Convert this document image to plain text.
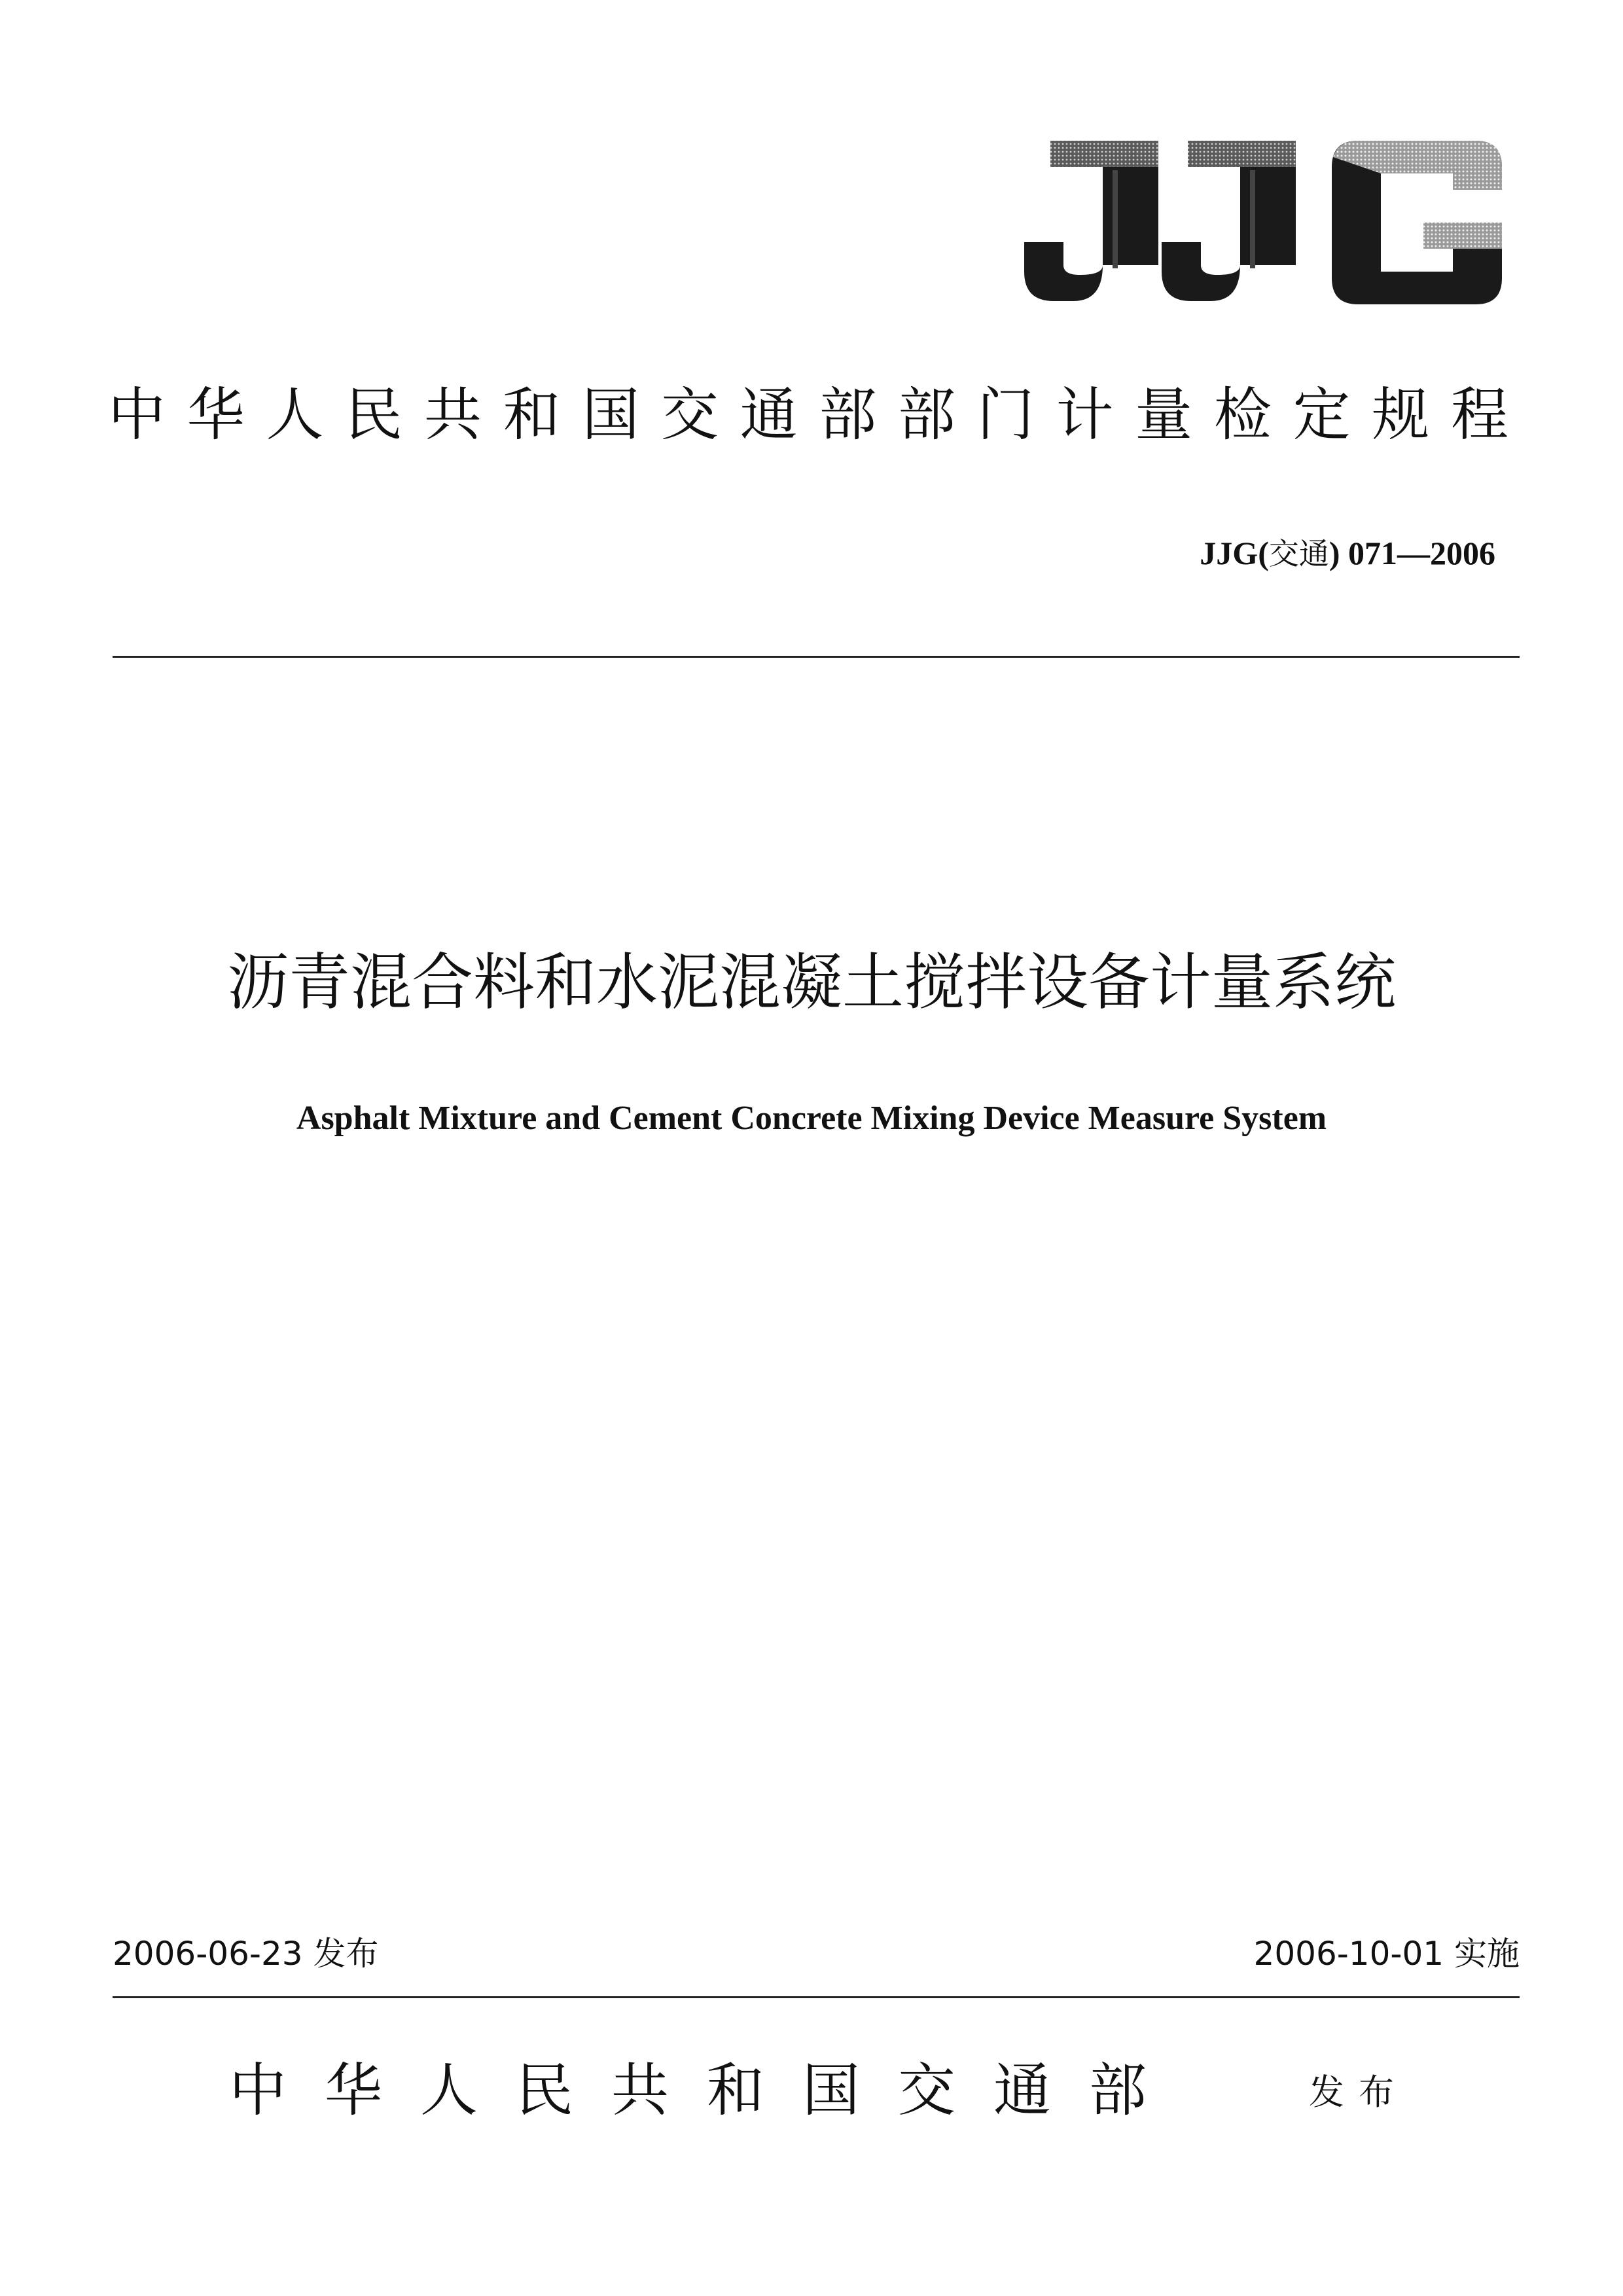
中华人民共和国交通部部门计量检定规程
JJG(交通) 071—2006
沥青混合料和水泥混凝土搅拌设备计量系统
Asphalt Mixture and Cement Concrete Mixing Device Measure System
2006-06-23 发布	2006-10-01 实施
中华人民共和国交通部	发布
